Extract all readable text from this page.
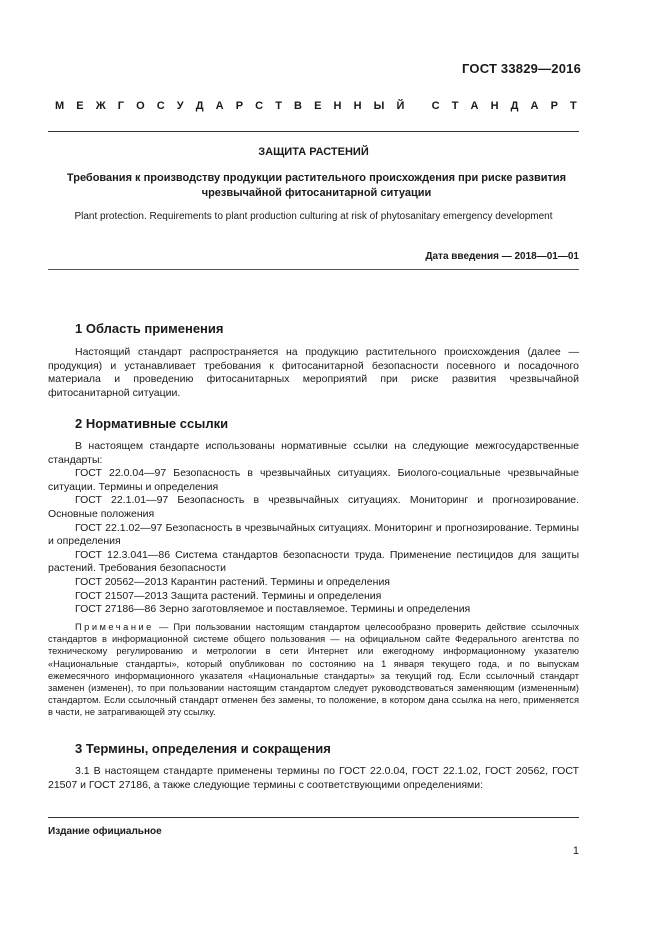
ГОСТ 33829—2016
М Е Ж Г О С У Д А Р С Т В Е Н Н Ы Й
С Т А Н Д А Р Т
ЗАЩИТА РАСТЕНИЙ
Требования к производству продукции растительного происхождения при риске развития чрезвычайной фитосанитарной ситуации
Plant protection. Requirements to plant production culturing at risk of phytosanitary emergency development
Дата введения — 2018—01—01
1 Область применения

Настоящий стандарт распространяется на продукцию растительного происхождения (далее — продукция) и устанавливает требования к фитосанитарной безопасности посевного и посадочного материала и проведению фитосанитарных мероприятий при риске развития чрезвычайной фитосанитарной ситуации.

2 Нормативные ссылки

В настоящем стандарте использованы нормативные ссылки на следующие межгосударственные стандарты:

ГОСТ 22.0.04—97 Безопасность в чрезвычайных ситуациях. Биолого-социальные чрезвычайные ситуации. Термины и определения

ГОСТ 22.1.01—97 Безопасность в чрезвычайных ситуациях. Мониторинг и прогнозирование. Основные положения

ГОСТ 22.1.02—97 Безопасность в чрезвычайных ситуациях. Мониторинг и прогнозирование. Термины и определения

ГОСТ 12.3.041—86 Система стандартов безопасности труда. Применение пестицидов для защиты растений. Требования безопасности

ГОСТ 20562—2013 Карантин растений. Термины и определения

ГОСТ 21507—2013 Защита растений. Термины и определения

ГОСТ 27186—86 Зерно заготовляемое и поставляемое. Термины и определения

Примечание — При пользовании настоящим стандартом целесообразно проверить действие ссылочных стандартов в информационной системе общего пользования — на официальном сайте Федерального агентства по техническому регулированию и метрологии в сети Интернет или ежегодному информационному указателю «Национальные стандарты», который опубликован по состоянию на 1 января текущего года, и по выпускам ежемесячного информационного указателя «Национальные стандарты» за текущий год. Если ссылочный стандарт заменен (изменен), то при пользовании настоящим стандартом следует руководствоваться заменяющим (измененным) стандартом. Если ссылочный стандарт отменен без замены, то положение, в котором дана ссылка на него, применяется в части, не затрагивающей эту ссылку.
3 Термины, определения и сокращения

3.1 В настоящем стандарте применены термины по ГОСТ 22.0.04, ГОСТ 22.1.02, ГОСТ 20562, ГОСТ 21507 и ГОСТ 27186, а также следующие термины с соответствующими определениями:

Издание официальное
1
